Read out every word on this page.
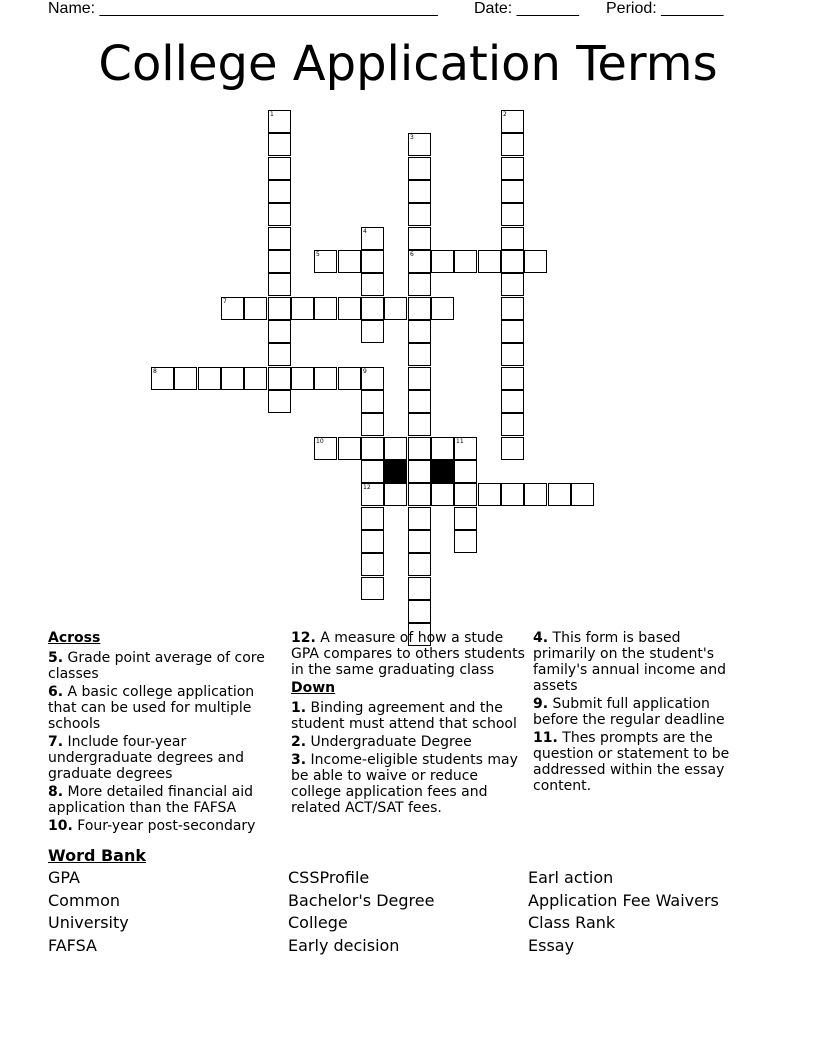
Name: ______________________________________ Date: _______ Period: _______
College Application Terms
1	2
3
6
4
5
7
8	9
12
10	11
Across
5. Grade point average of core classes
6. A basic college application that can be used for multiple schools
7. Include four-year undergraduate degrees and graduate degrees
8. More detailed financial aid application than the FAFSA
10. Four-year post-secondary
12. A measure of how a stude GPA compares to others students in the same graduating class
Down
1. Binding agreement and the student must attend that school
2. Undergraduate Degree
3. Income-eligible students may be able to waive or reduce college application fees and related ACT/SAT fees.
4. This form is based primarily on the student's family's annual income and assets
9. Submit full application before the regular deadline
11. Thes prompts are the question or statement to be addressed within the essay content.
Word Bank
GPA	CSSProfile	Earl action
Common	Bachelor's Degree	Application Fee Waivers
University	College	Class Rank
FAFSA	Early decision	Essay
